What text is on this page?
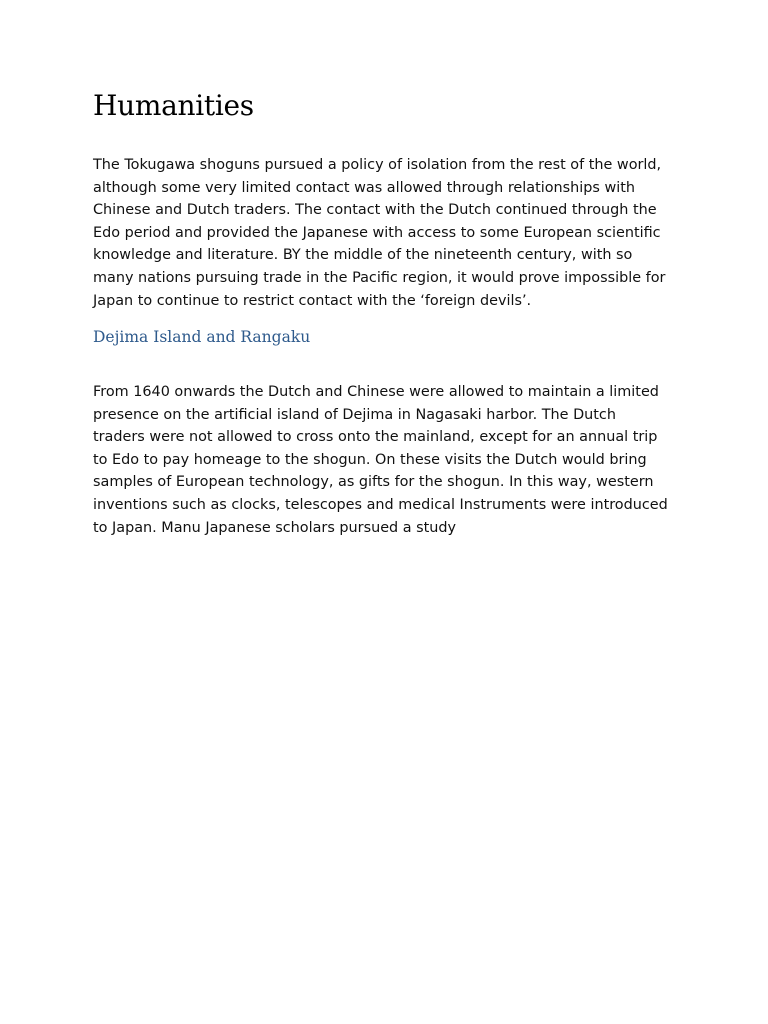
Humanities

The Tokugawa shoguns pursued a policy of isolation from the rest of the world,
although some very limited contact was allowed through relationships with
Chinese and Dutch traders. The contact with the Dutch continued through the
Edo period and provided the Japanese with access to some European scientific
knowledge and literature. BY the middle of the nineteenth century, with so
many nations pursuing trade in the Pacific region, it would prove impossible for
Japan to continue to restrict contact with the ‘foreign devils’.

Dejima Island and Rangaku

From 1640 onwards the Dutch and Chinese were allowed to maintain a limited
presence on the artificial island of Dejima in Nagasaki harbor. The Dutch
traders were not allowed to cross onto the mainland, except for an annual trip
to Edo to pay homeage to the shogun. On these visits the Dutch would bring
samples of European technology, as gifts for the shogun. In this way, western
inventions such as clocks, telescopes and medical Instruments were introduced
to Japan. Manu Japanese scholars pursued a study
